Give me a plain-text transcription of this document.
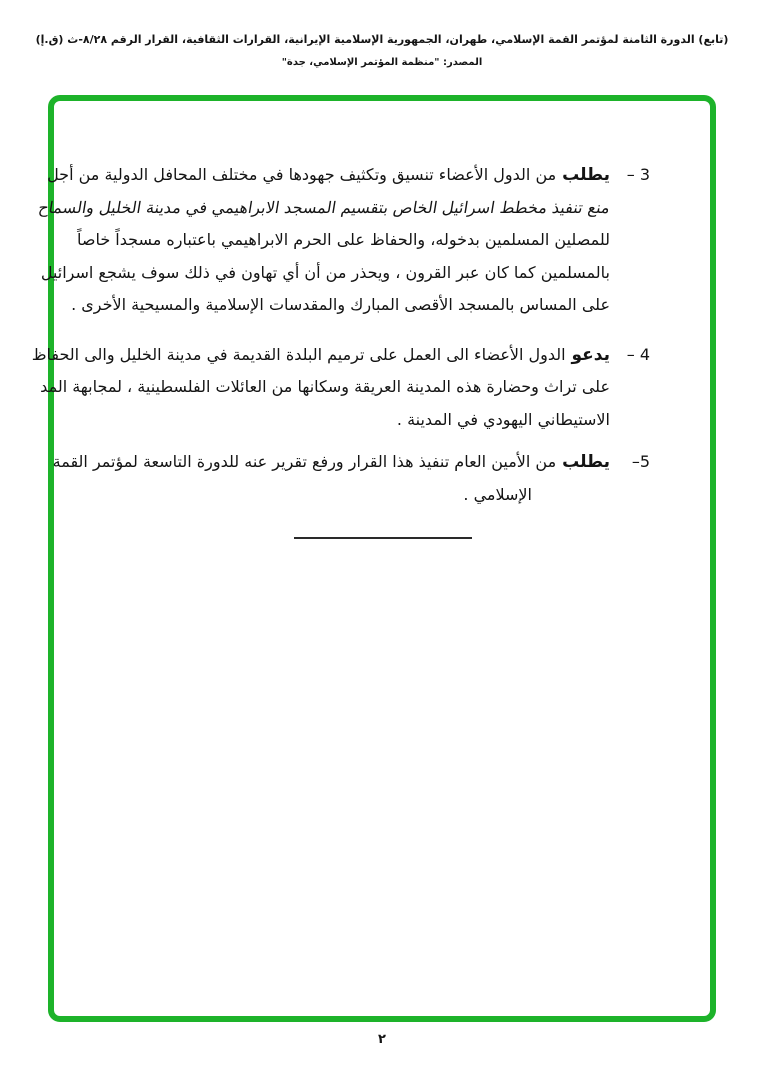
(تابع) الدورة الثامنة لمؤتمر القمة الإسلامي، طهران، الجمهورية الإسلامية الإيرانية، القرارات الثقافية، القرار الرقم ٨/٢٨-ث (ق.إ)
المصدر: "منظمة المؤتمر الإسلامي، جدة"
3 –
يطلب من الدول الأعضاء تنسيق وتكثيف جهودها في مختلف المحافل الدولية من أجل
منع تنفيذ مخطط اسرائيل الخاص بتقسيم المسجد الابراهيمي في مدينة الخليل والسماح
للمصلين المسلمين بدخوله، والحفاظ على الحرم الابراهيمي باعتباره مسجداً خاصاً
بالمسلمين كما كان عبر القرون ، ويحذر من أن أي تهاون في ذلك سوف يشجع اسرائيل
على المساس بالمسجد الأقصى المبارك والمقدسات الإسلامية والمسيحية الأخرى .
4 –
يدعو الدول الأعضاء الى العمل على ترميم البلدة القديمة في مدينة الخليل والى الحفاظ
على تراث وحضارة هذه المدينة العريقة وسكانها من العائلات الفلسطينية ، لمجابهة المد
الاستيطاني اليهودي في المدينة .
5–
يطلب من الأمين العام تنفيذ هذا القرار ورفع تقرير عنه للدورة التاسعة لمؤتمر القمة
الإسلامي .
٢
